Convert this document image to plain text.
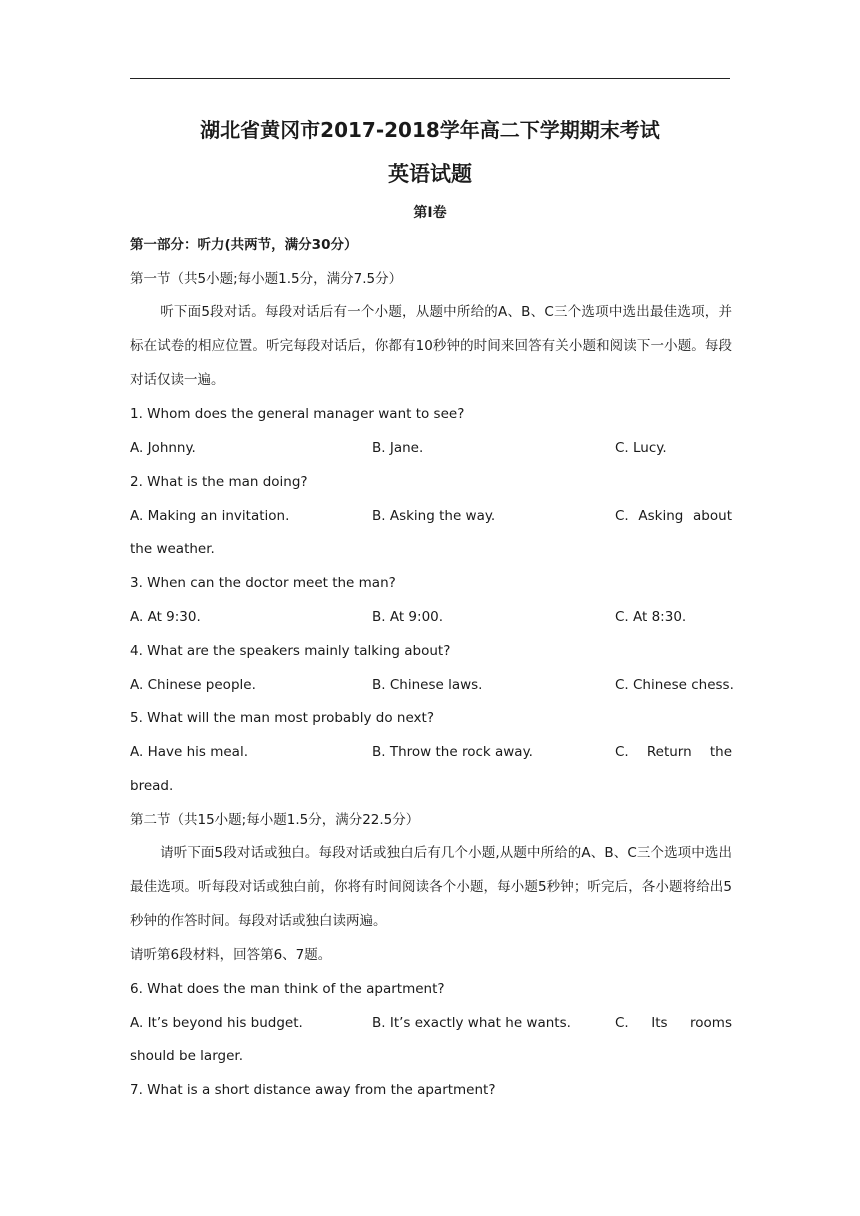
湖北省黄冈市2017-2018学年高二下学期期末考试
英语试题
第I卷
第一部分：听力(共两节，满分30分）
第一节（共5小题;每小题1.5分，满分7.5分）
听下面5段对话。每段对话后有一个小题，从题中所给的A、B、C三个选项中选出最佳选项，并标在试卷的相应位置。听完每段对话后，你都有10秒钟的时间来回答有关小题和阅读下一小题。每段对话仅读一遍。
1. Whom does the general manager want to see?
A. Johnny.	B. Jane.	C. Lucy.
2. What is the man doing?
A. Making an invitation.	B. Asking the way.	C. Asking about
the weather.
3. When can the doctor meet the man?
A. At 9:30.	B. At 9:00.	C. At 8:30.
4. What are the speakers mainly talking about?
A. Chinese people.	B. Chinese laws.	C. Chinese chess.
5. What will the man most probably do next?
A. Have his meal.	B. Throw the rock away.	C. Return the
bread.
第二节（共15小题;每小题1.5分，满分22.5分）
请听下面5段对话或独白。每段对话或独白后有几个小题,从题中所给的A、B、C三个选项中选出最佳选项。听每段对话或独白前，你将有时间阅读各个小题，每小题5秒钟；听完后，各小题将给出5秒钟的作答时间。每段对话或独白读两遍。
请听第6段材料，回答第6、7题。
6. What does the man think of the apartment?
A. It’s beyond his budget.	B. It’s exactly what he wants.	C. Its rooms
should be larger.
7. What is a short distance away from the apartment?
